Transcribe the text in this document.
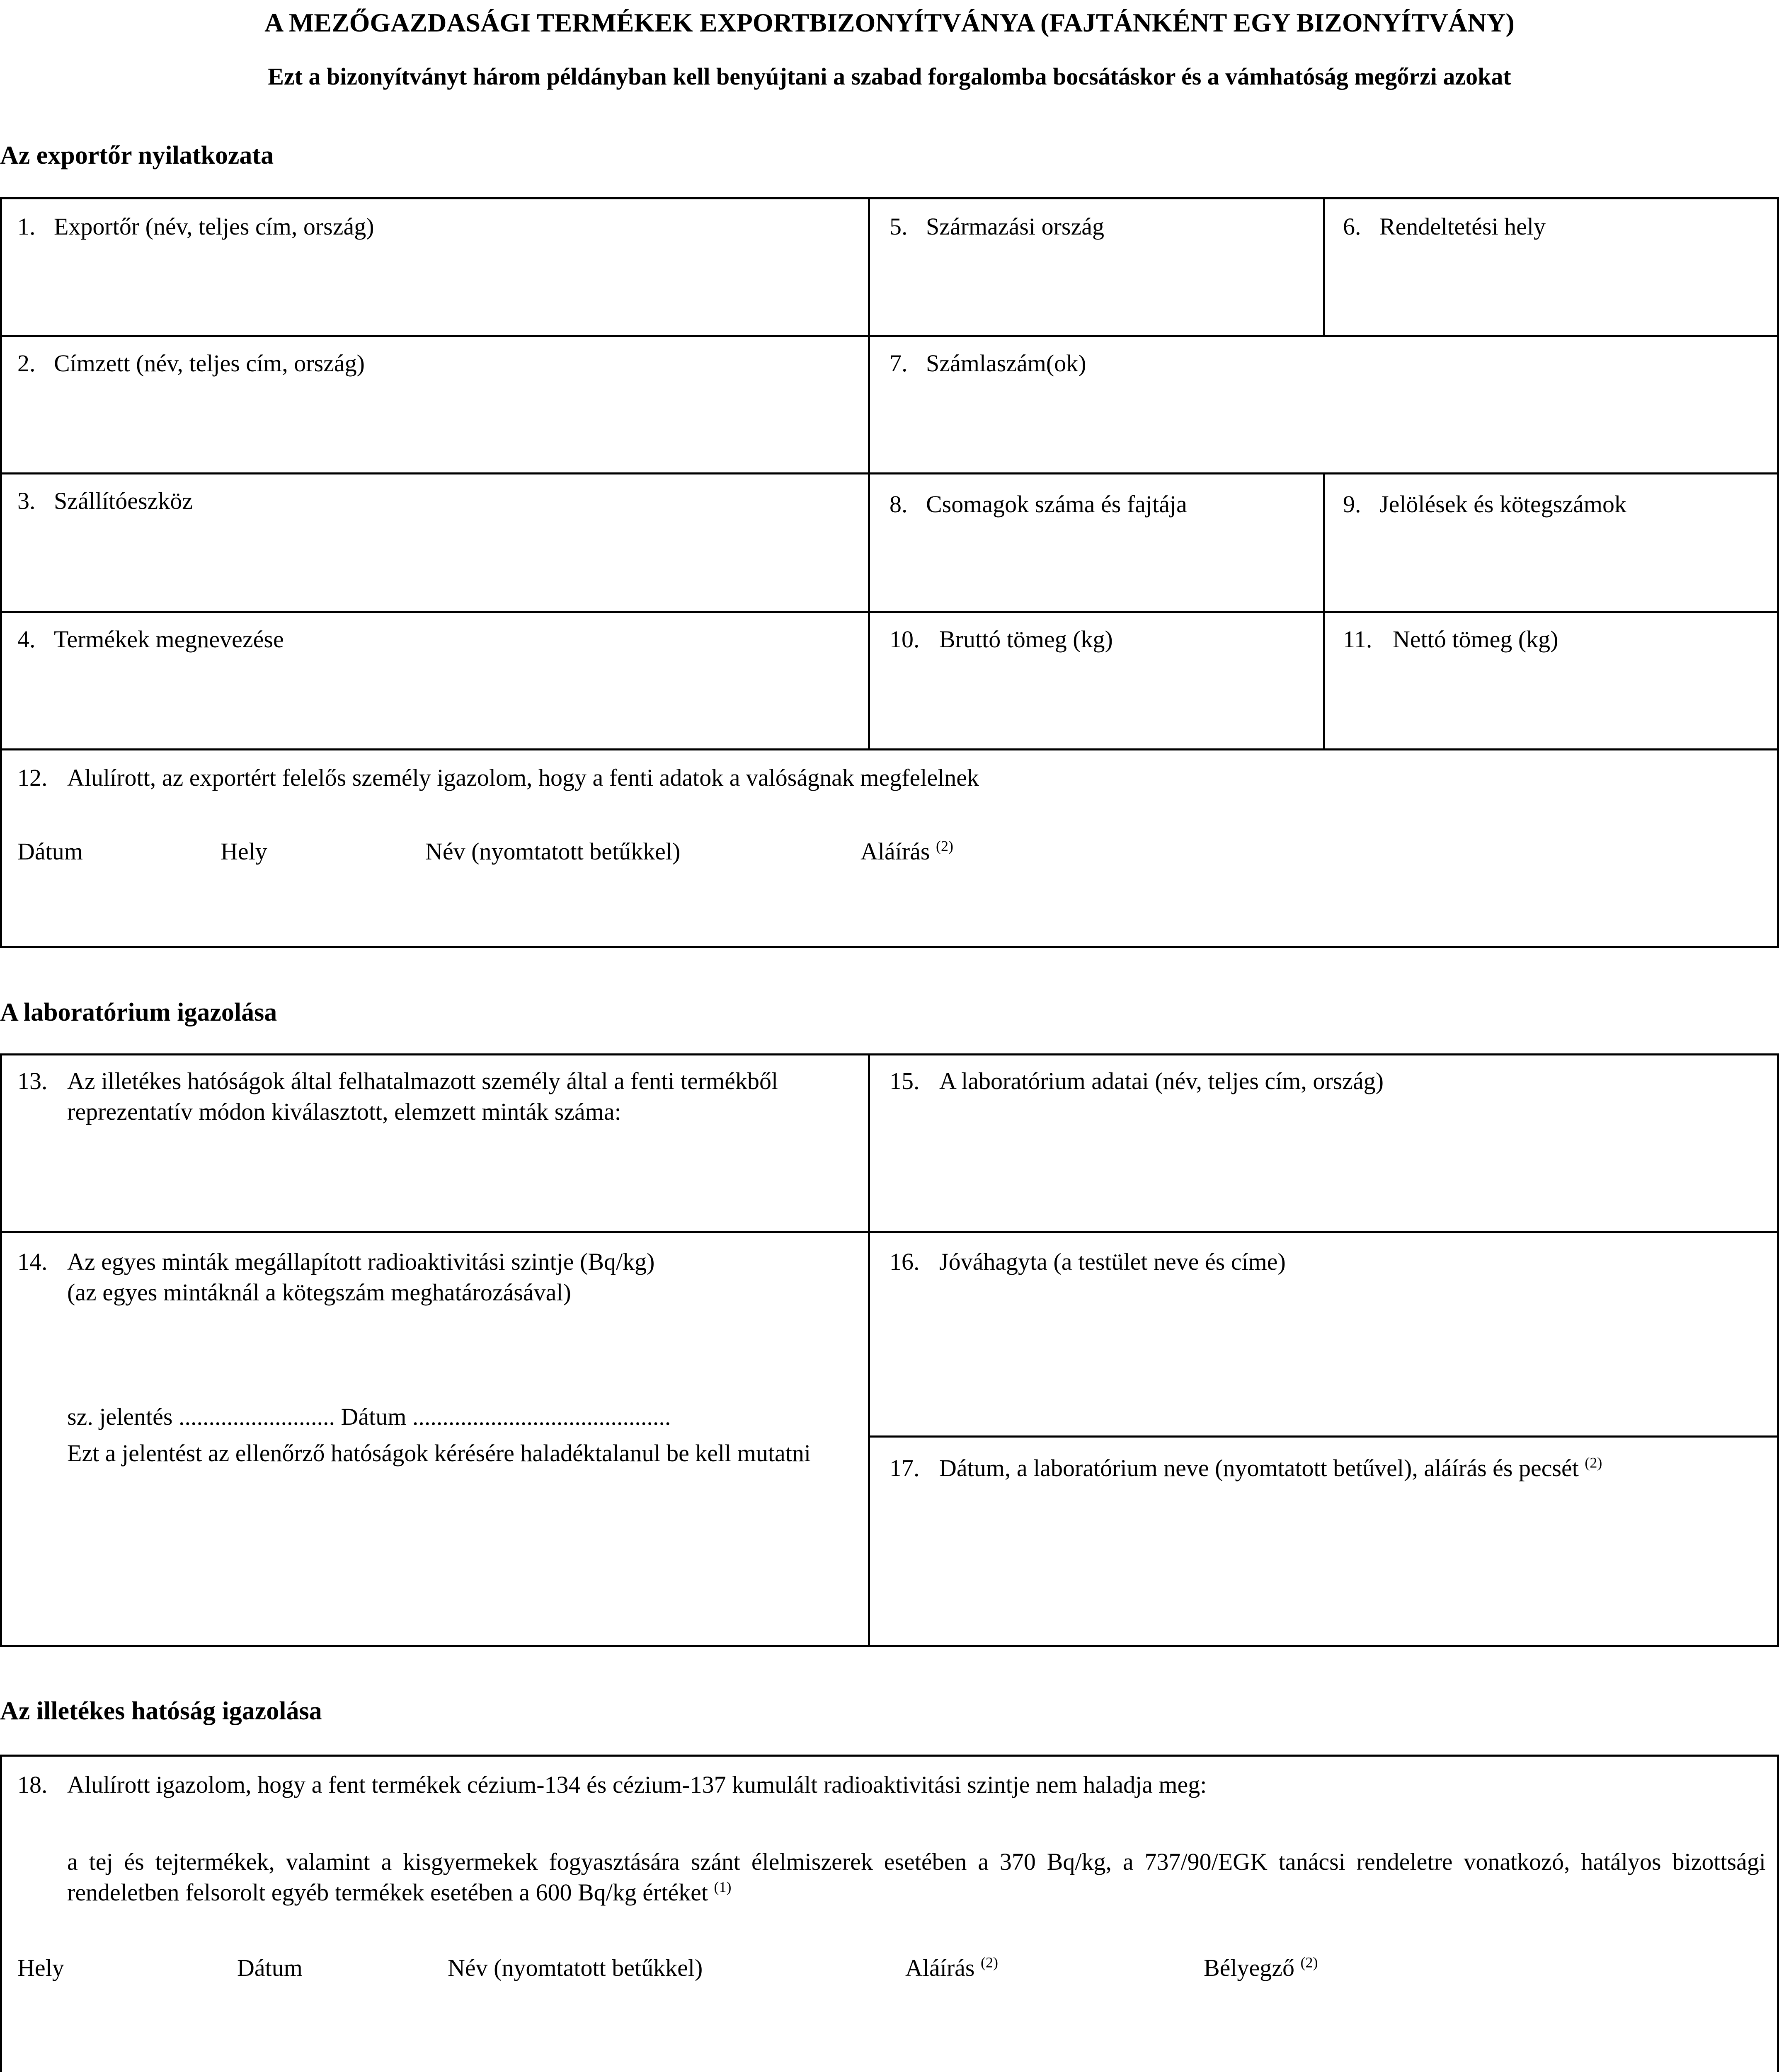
A MEZŐGAZDASÁGI TERMÉKEK EXPORTBIZONYÍTVÁNYA (FAJTÁNKÉNT EGY BIZONYÍTVÁNY)
Ezt a bizonyítványt három példányban kell benyújtani a szabad forgalomba bocsátáskor és a vámhatóság megőrzi azokat
Az exportőr nyilatkozata
1. Exportőr (név, teljes cím, ország)	5. Származási ország	6. Rendeltetési hely
2. Címzett (név, teljes cím, ország)	7. Számlaszám(ok)
3. Szállítóeszköz	8. Csomagok száma és fajtája	9. Jelölések és kötegszámok
4. Termékek megnevezése	10. Bruttó tömeg (kg)	11. Nettó tömeg (kg)
12. Alulírott, az exportért felelős személy igazolom, hogy a fenti adatok a valóságnak megfelelnek
Dátum	Hely	Név (nyomtatott betűkkel)	Aláírás $^{(2)}$
A laboratórium igazolása
13. Az illetékes hatóságok által felhatalmazott személy által a fenti termékből reprezentatív módon kiválasztott, elemzett minták száma:
15. A laboratórium adatai (név, teljes cím, ország)
14. Az egyes minták megállapított radioaktivitási szintje (Bq/kg)
(az egyes mintáknál a kötegszám meghatározásával)
sz. jelentés .......................... Dátum ...........................................
Ezt a jelentést az ellenőrző hatóságok kérésére haladéktalanul be kell mutatni
16. Jóváhagyta (a testület neve és címe)
17. Dátum, a laboratórium neve (nyomtatott betűvel), aláírás és pecsét $^{(2)}$
Az illetékes hatóság igazolása
18. Alulírott igazolom, hogy a fent termékek cézium-134 és cézium-137 kumulált radioaktivitási szintje nem haladja meg:
a tej és tejtermékek, valamint a kisgyermekek fogyasztására szánt élelmiszerek esetében a 370 Bq/kg, a 737/90/EGK tanácsi rendeletre vonatkozó, hatályos bizottsági rendeletben felsorolt egyéb termékek esetében a 600 Bq/kg értéket $^{(1)}$
Hely	Dátum	Név (nyomtatott betűkkel)	Aláírás $^{(2)}$	Bélyegző $^{(2)}$
